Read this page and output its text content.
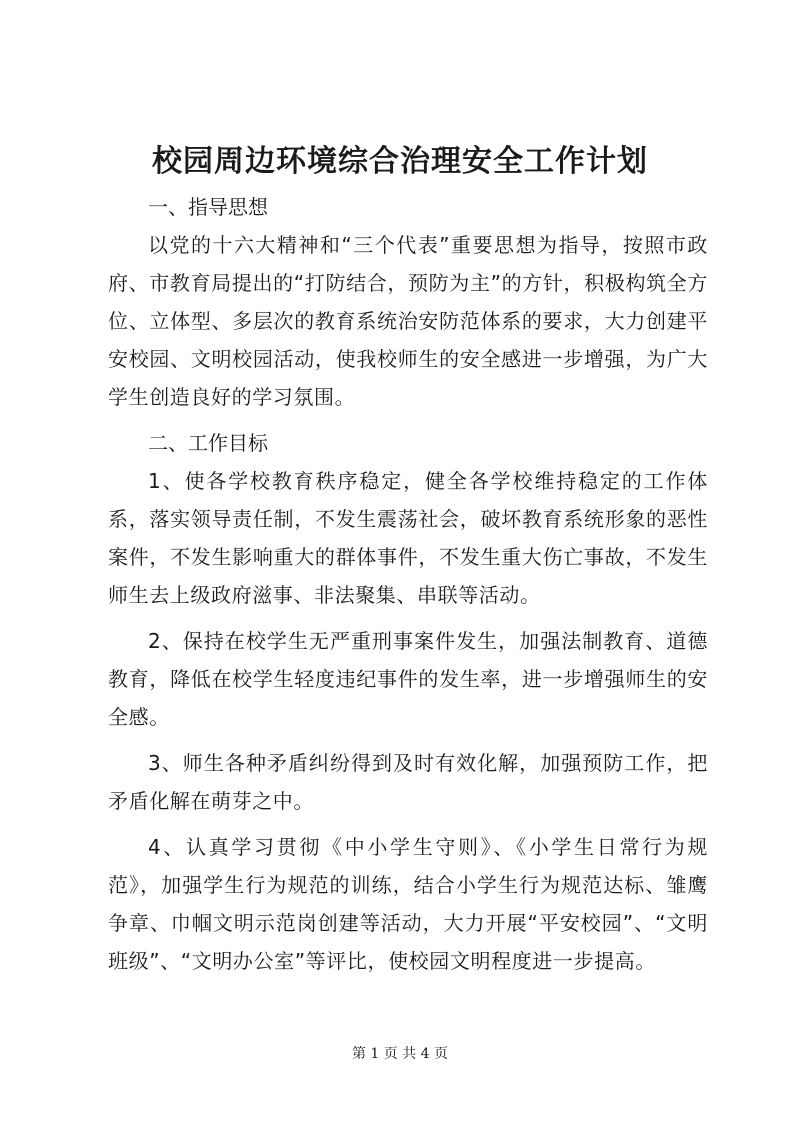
校园周边环境综合治理安全工作计划
一、指导思想

以党的十六大精神和“三个代表”重要思想为指导，按照市政府、市教育局提出的“打防结合，预防为主”的方针，积极构筑全方位、立体型、多层次的教育系统治安防范体系的要求，大力创建平安校园、文明校园活动，使我校师生的安全感进一步增强，为广大学生创造良好的学习氛围。

二、工作目标

1、使各学校教育秩序稳定，健全各学校维持稳定的工作体系，落实领导责任制，不发生震荡社会，破坏教育系统形象的恶性案件，不发生影响重大的群体事件，不发生重大伤亡事故，不发生师生去上级政府滋事、非法聚集、串联等活动。

2、保持在校学生无严重刑事案件发生，加强法制教育、道德教育，降低在校学生轻度违纪事件的发生率，进一步增强师生的安全感。

3、师生各种矛盾纠纷得到及时有效化解，加强预防工作，把矛盾化解在萌芽之中。

4、认真学习贯彻《中小学生守则》、《小学生日常行为规范》，加强学生行为规范的训练，结合小学生行为规范达标、雏鹰争章、巾帼文明示范岗创建等活动，大力开展“平安校园”、“文明班级”、“文明办公室”等评比，使校园文明程度进一步提高。

第 1 页 共 4 页
